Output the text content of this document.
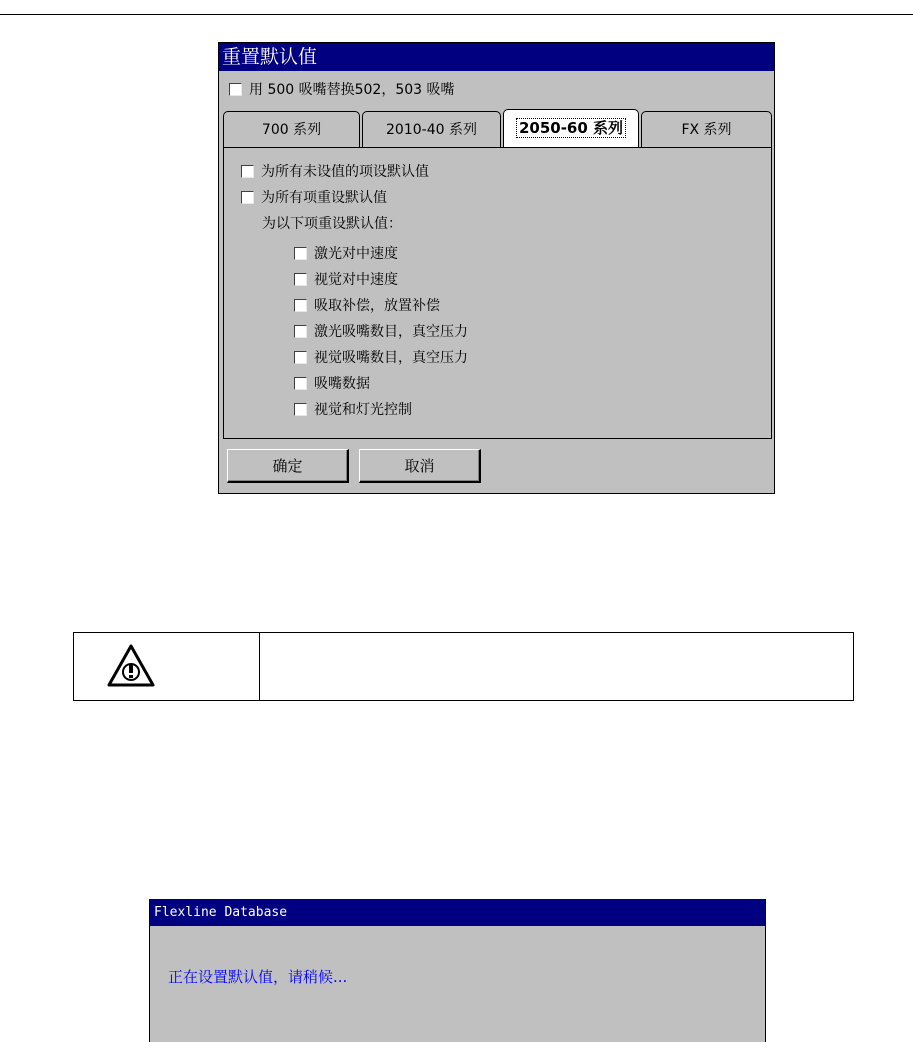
重置默认值
用 500 吸嘴替换502，503 吸嘴
700 系列	2010-40 系列	2050-60 系列	FX 系列
为所有未设值的项设默认值
为所有项重设默认值
为以下项重设默认值：
激光对中速度
视觉对中速度
吸取补偿，放置补偿
激光吸嘴数目，真空压力
视觉吸嘴数目，真空压力
吸嘴数据
视觉和灯光控制
确定	取消
Flexline Database
正在设置默认值，请稍候...
